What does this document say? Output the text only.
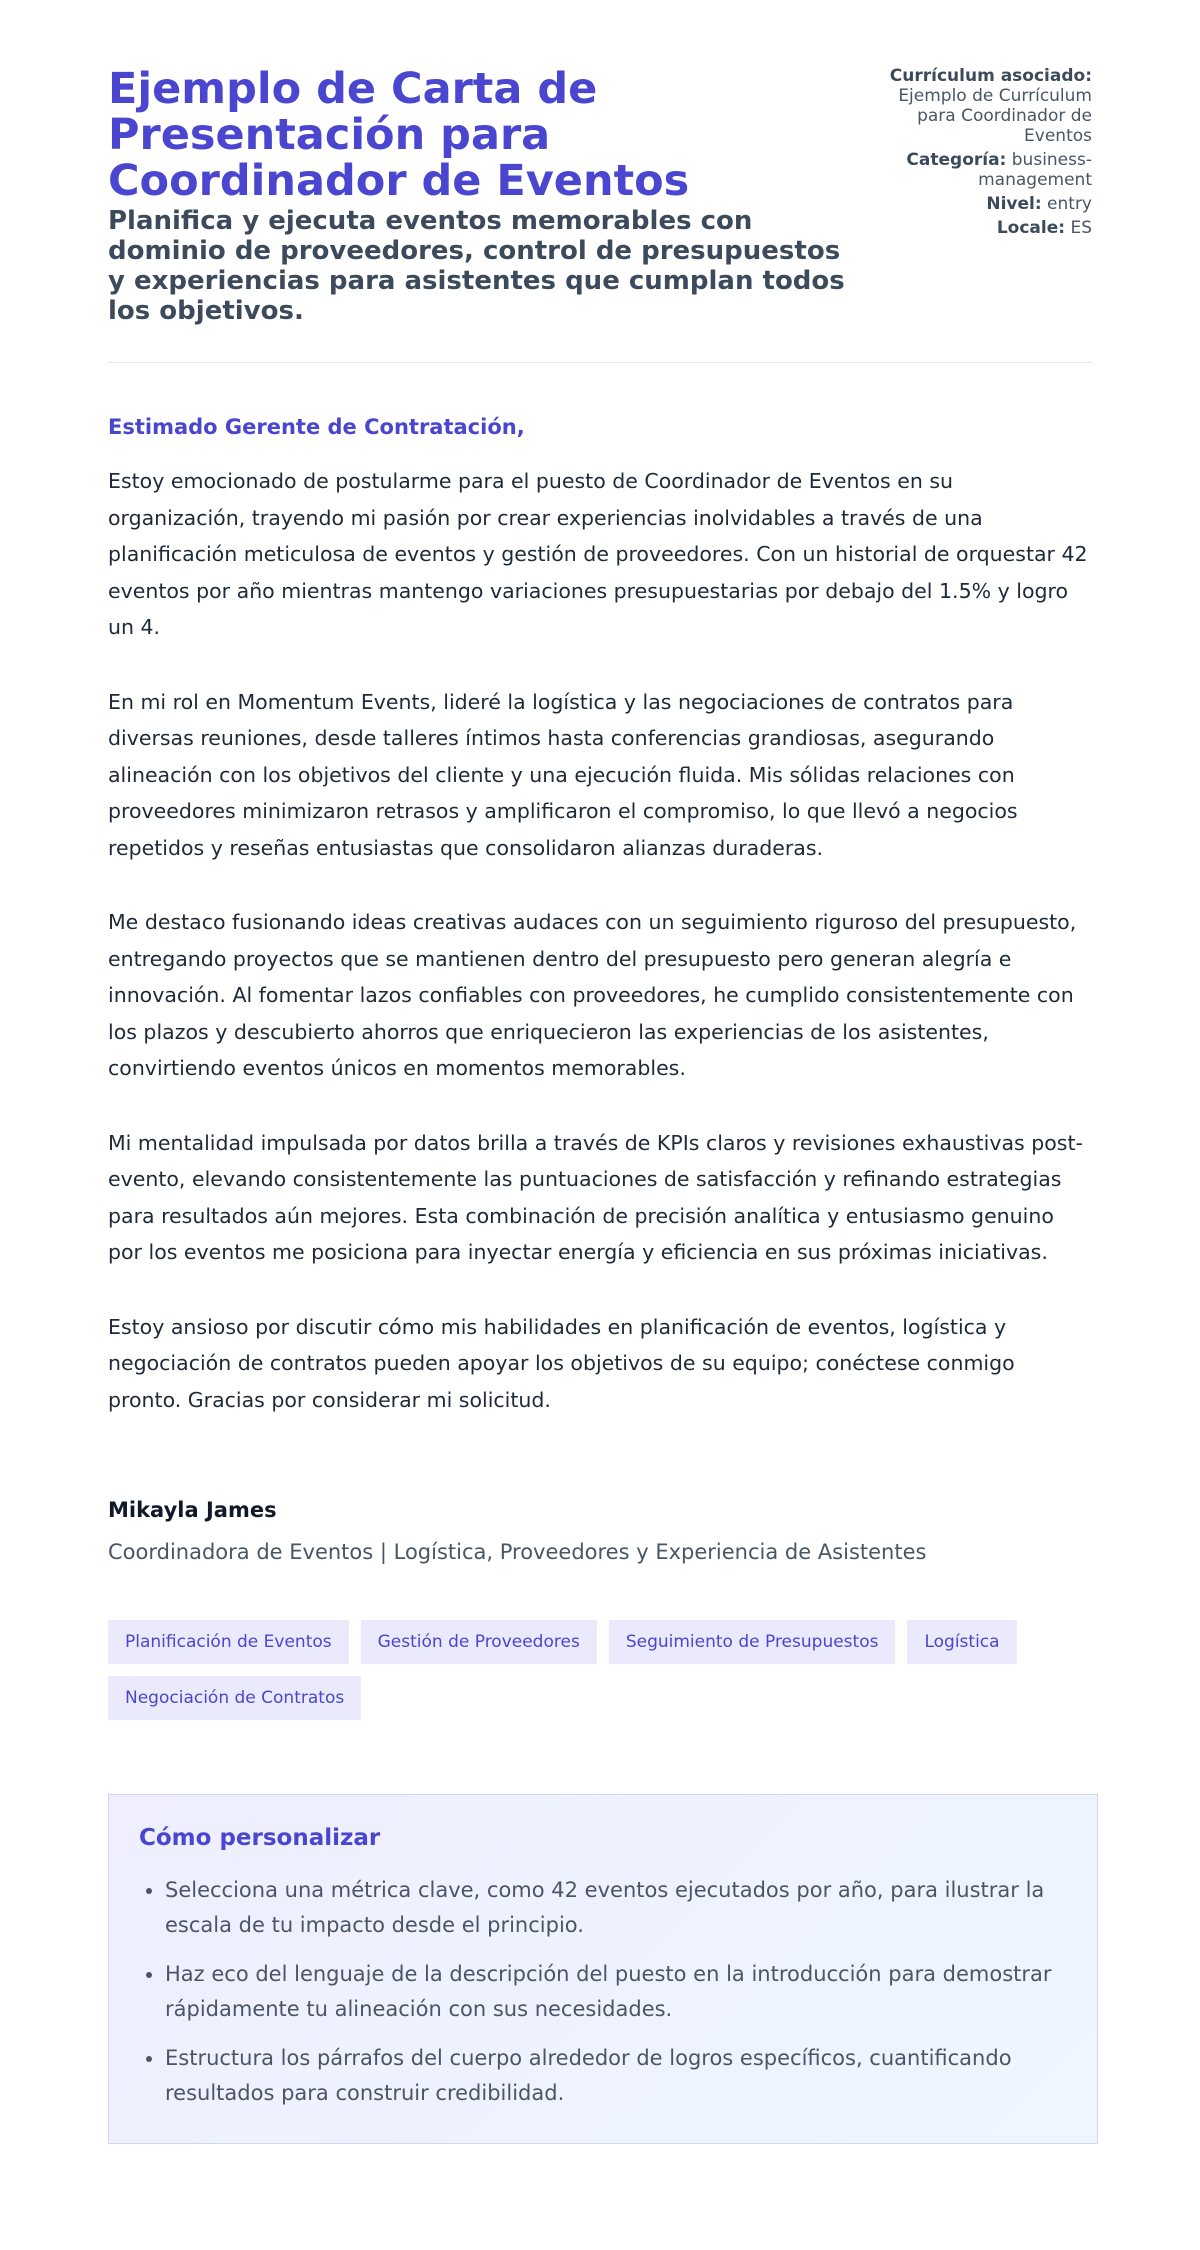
Ejemplo de Carta de Presentación para Coordinador de Eventos
Planifica y ejecuta eventos memorables con dominio de proveedores, control de presupuestos y experiencias para asistentes que cumplan todos los objetivos.
Currículum asociado:
Ejemplo de Currículum para Coordinador de Eventos
Categoría: business-management
Nivel: entry
Locale: ES
Estimado Gerente de Contratación,

Estoy emocionado de postularme para el puesto de Coordinador de Eventos en su organización, trayendo mi pasión por crear experiencias inolvidables a través de una planificación meticulosa de eventos y gestión de proveedores. Con un historial de orquestar 42 eventos por año mientras mantengo variaciones presupuestarias por debajo del 1.5% y logro un 4.

En mi rol en Momentum Events, lideré la logística y las negociaciones de contratos para diversas reuniones, desde talleres íntimos hasta conferencias grandiosas, asegurando alineación con los objetivos del cliente y una ejecución fluida. Mis sólidas relaciones con proveedores minimizaron retrasos y amplificaron el compromiso, lo que llevó a negocios repetidos y reseñas entusiastas que consolidaron alianzas duraderas.

Me destaco fusionando ideas creativas audaces con un seguimiento riguroso del presupuesto, entregando proyectos que se mantienen dentro del presupuesto pero generan alegría e innovación. Al fomentar lazos confiables con proveedores, he cumplido consistentemente con los plazos y descubierto ahorros que enriquecieron las experiencias de los asistentes, convirtiendo eventos únicos en momentos memorables.

Mi mentalidad impulsada por datos brilla a través de KPIs claros y revisiones exhaustivas post-evento, elevando consistentemente las puntuaciones de satisfacción y refinando estrategias para resultados aún mejores. Esta combinación de precisión analítica y entusiasmo genuino por los eventos me posiciona para inyectar energía y eficiencia en sus próximas iniciativas.

Estoy ansioso por discutir cómo mis habilidades en planificación de eventos, logística y negociación de contratos pueden apoyar los objetivos de su equipo; conéctese conmigo pronto. Gracias por considerar mi solicitud.

Mikayla James
Coordinadora de Eventos | Logística, Proveedores y Experiencia de Asistentes
Planificación de Eventos	Gestión de Proveedores	Seguimiento de Presupuestos	Logística
Negociación de Contratos
Cómo personalizar
• Selecciona una métrica clave, como 42 eventos ejecutados por año, para ilustrar la escala de tu impacto desde el principio.
• Haz eco del lenguaje de la descripción del puesto en la introducción para demostrar rápidamente tu alineación con sus necesidades.
• Estructura los párrafos del cuerpo alrededor de logros específicos, cuantificando resultados para construir credibilidad.
